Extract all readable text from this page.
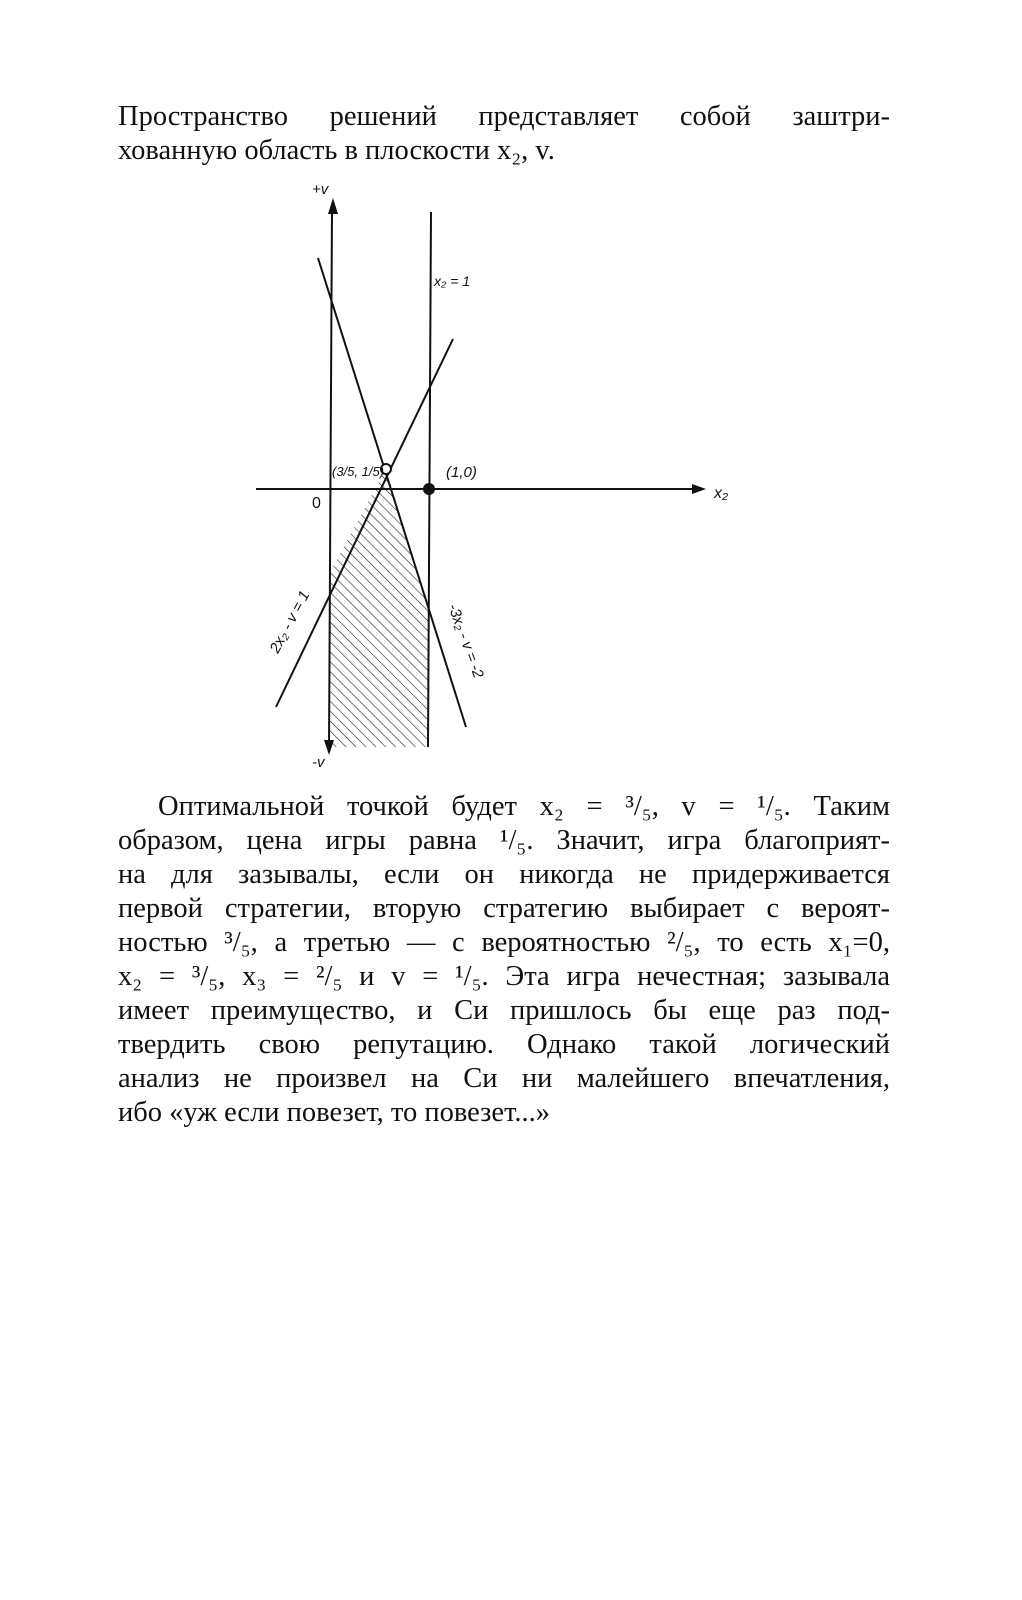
Пространство решений представляет собой заштри-
хованную область в плоскости x₂, v.

+v
-v
x₂
0
x₂ = 1
(3/5, 1/5)	(1,0)
2x₂ - v = 1	-3x₂ - v = -2

Оптимальной точкой будет x₂ = ³/₅, v = ¹/₅. Таким
образом, цена игры равна ¹/₅. Значит, игра благоприят-
на для зазывалы, если он никогда не придерживается
первой стратегии, вторую стратегию выбирает с вероят-
ностью ³/₅, а третью — с вероятностью ²/₅, то есть x₁=0,
x₂ = ³/₅, x₃ = ²/₅ и v = ¹/₅. Эта игра нечестная; зазывала
имеет преимущество, и Си пришлось бы еще раз под-
твердить свою репутацию. Однако такой логический
анализ не произвел на Си ни малейшего впечатления,
ибо «уж если повезет, то повезет...»
